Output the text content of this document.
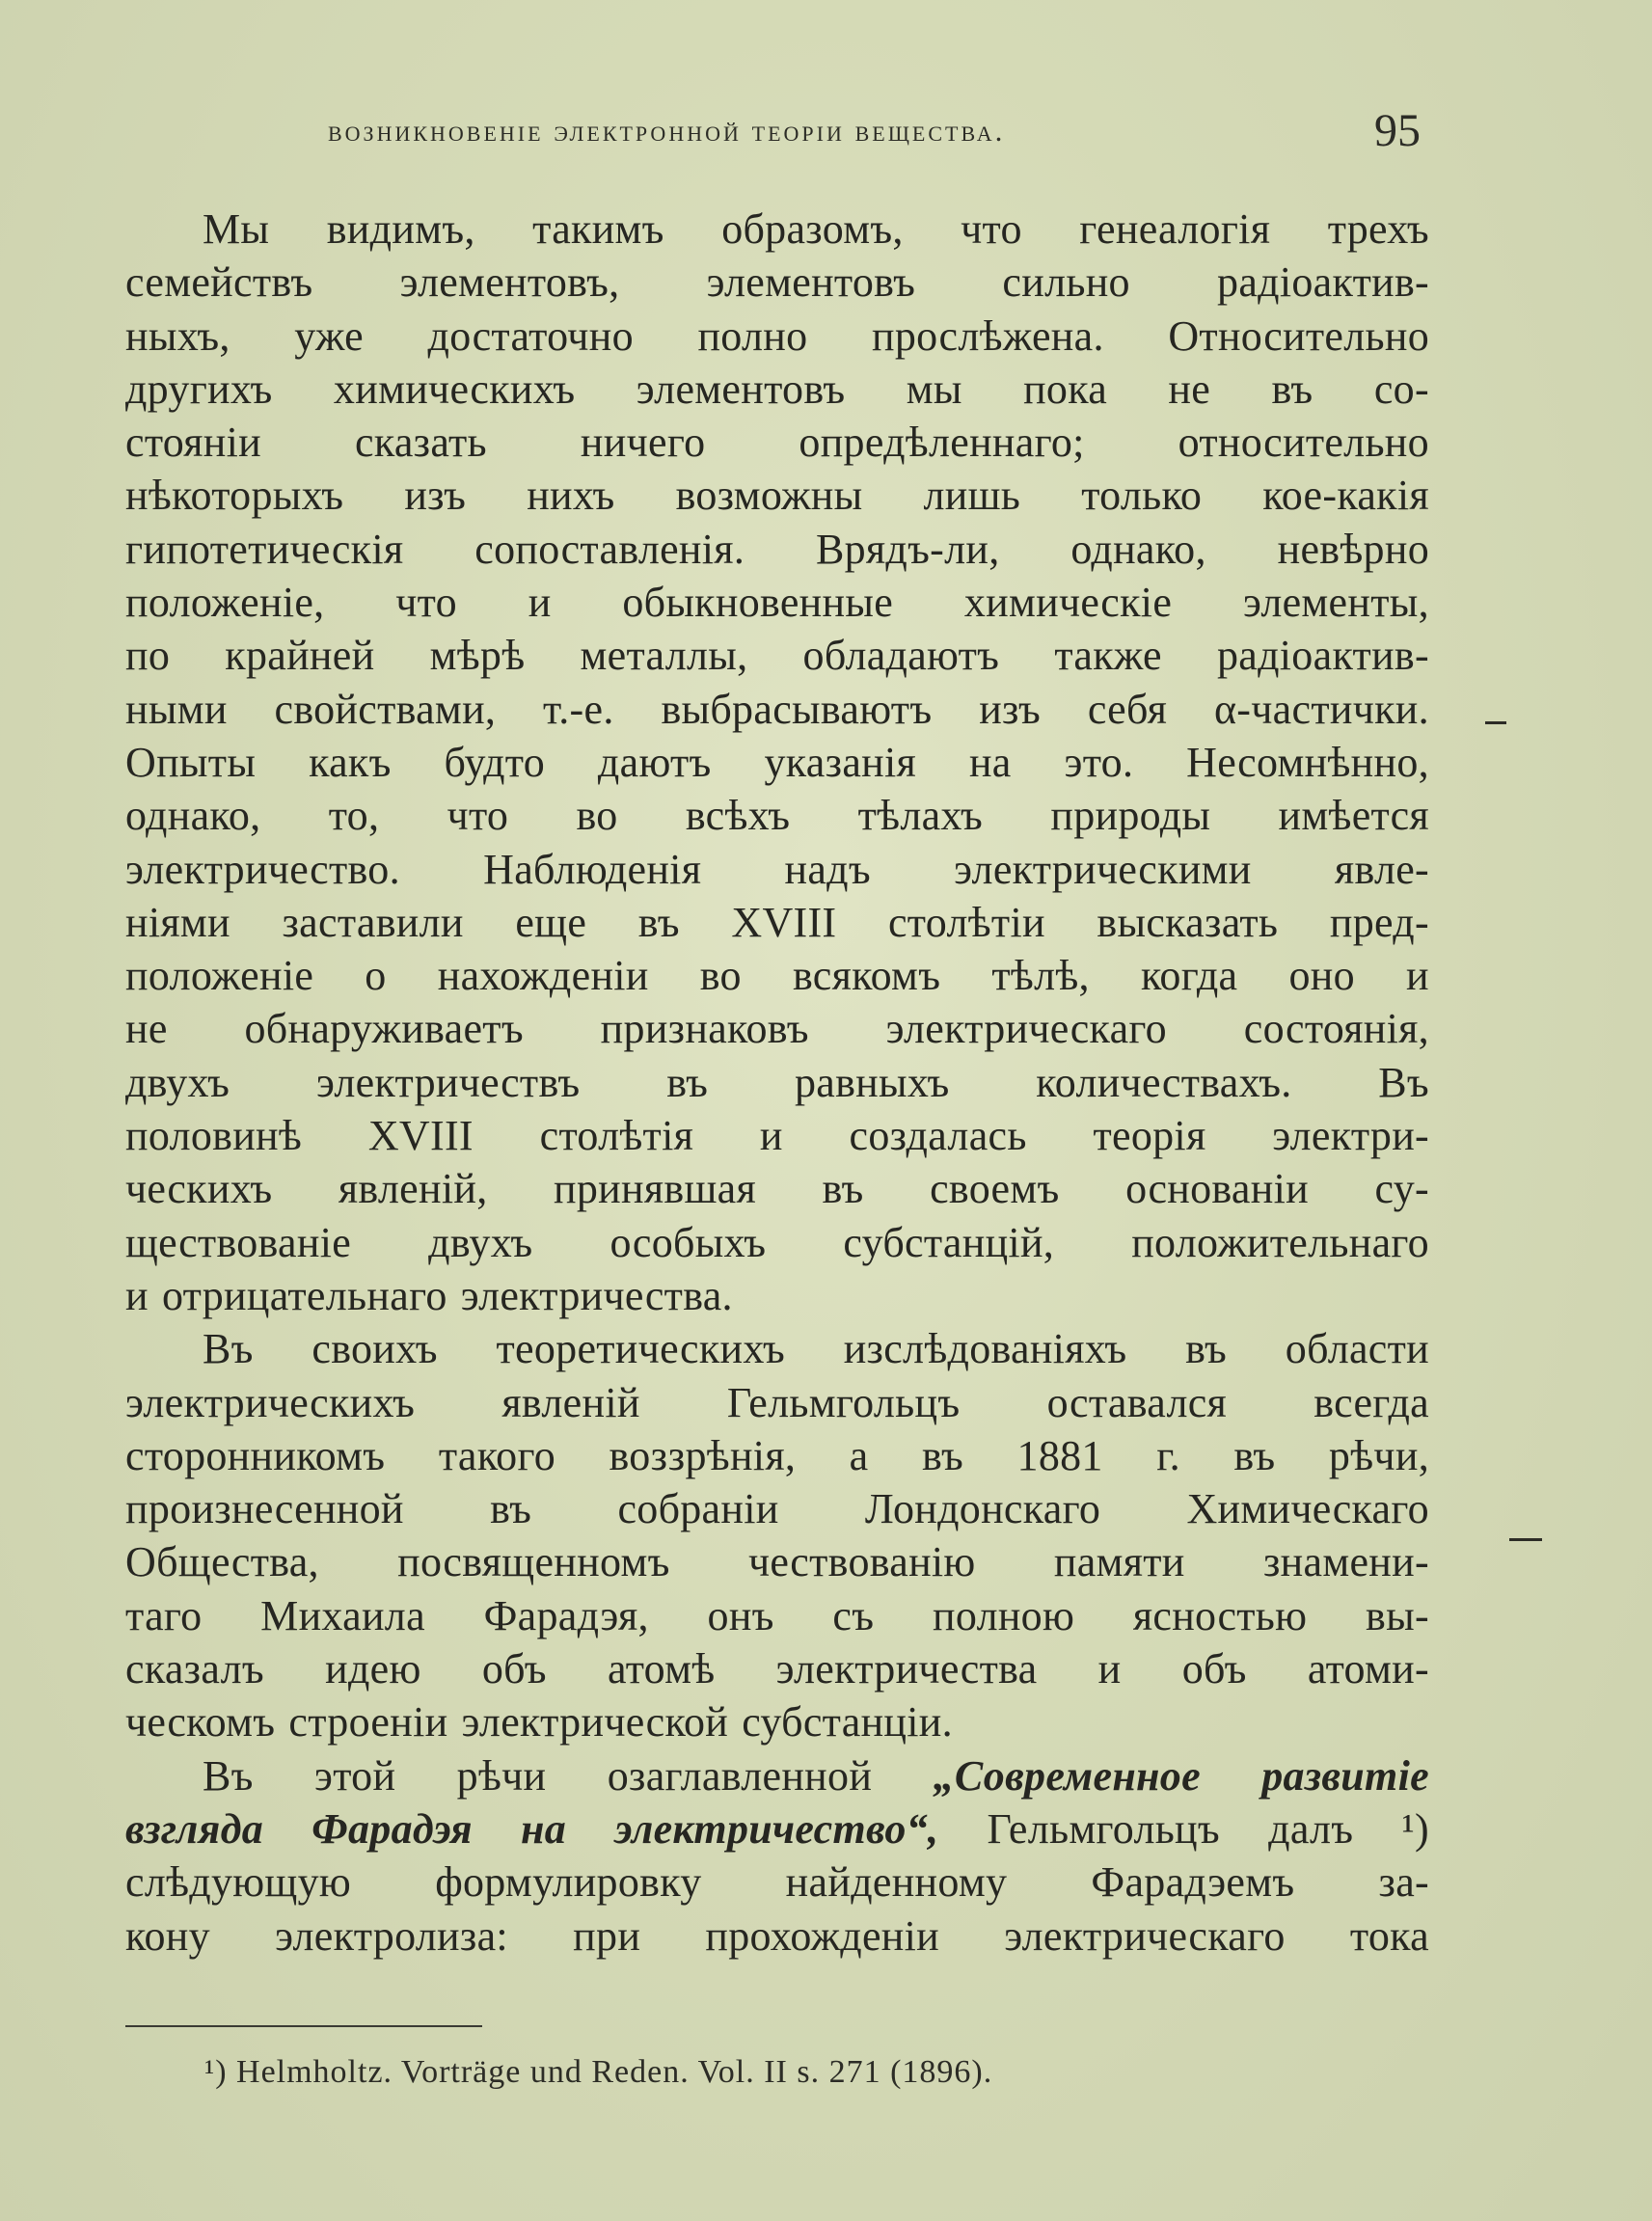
возникновенiе электронной теорiи вещества.	95
Мы видимъ, такимъ образомъ, что генеалогiя трехъ
семействъ элементовъ, элементовъ сильно радiоактив-
ныхъ, уже достаточно полно прослѣжена. Относительно
другихъ химическихъ элементовъ мы пока не въ со-
стоянiи сказать ничего опредѣленнаго; относительно
нѣкоторыхъ изъ нихъ возможны лишь только кое-какiя
гипотетическiя сопоставленiя. Врядъ-ли, однако, невѣрно
положенiе, что и обыкновенные химическiе элементы,
по крайней мѣрѣ металлы, обладаютъ также радiоактив-
ными свойствами, т.-е. выбрасываютъ изъ себя α-частички.
Опыты какъ будто даютъ указанiя на это. Несомнѣнно,
однако, то, что во всѣхъ тѣлахъ природы имѣется
электричество. Наблюденiя надъ электрическими явле-
нiями заставили еще въ XVIII столѣтiи высказать пред-
положенiе о нахожденiи во всякомъ тѣлѣ, когда оно и
не обнаруживаетъ признаковъ электрическаго состоянiя,
двухъ электричествъ въ равныхъ количествахъ. Въ
половинѣ XVIII столѣтiя и создалась теорiя электри-
ческихъ явленiй, принявшая въ своемъ основанiи су-
ществованiе двухъ особыхъ субстанцiй, положительнаго
и отрицательнаго электричества.
Въ своихъ теоретическихъ изслѣдованiяхъ въ области
электрическихъ явленiй Гельмгольцъ оставался всегда
сторонникомъ такого воззрѣнiя, а въ 1881 г. въ рѣчи,
произнесенной въ собранiи Лондонскаго Химическаго
Общества, посвященномъ чествованiю памяти знамени-
таго Михаила Фарадэя, онъ съ полною ясностью вы-
сказалъ идею объ атомѣ электричества и объ атоми-
ческомъ строенiи электрической субстанцiи.
Въ этой рѣчи озаглавленной „Современное развитiе
взгляда Фарадэя на электричество“, Гельмгольцъ далъ ¹)
слѣдующую формулировку найденному Фарадэемъ за-
кону электролиза: при прохожденiи электрическаго тока
¹) Helmholtz. Vorträge und Reden. Vol. II s. 271 (1896).
